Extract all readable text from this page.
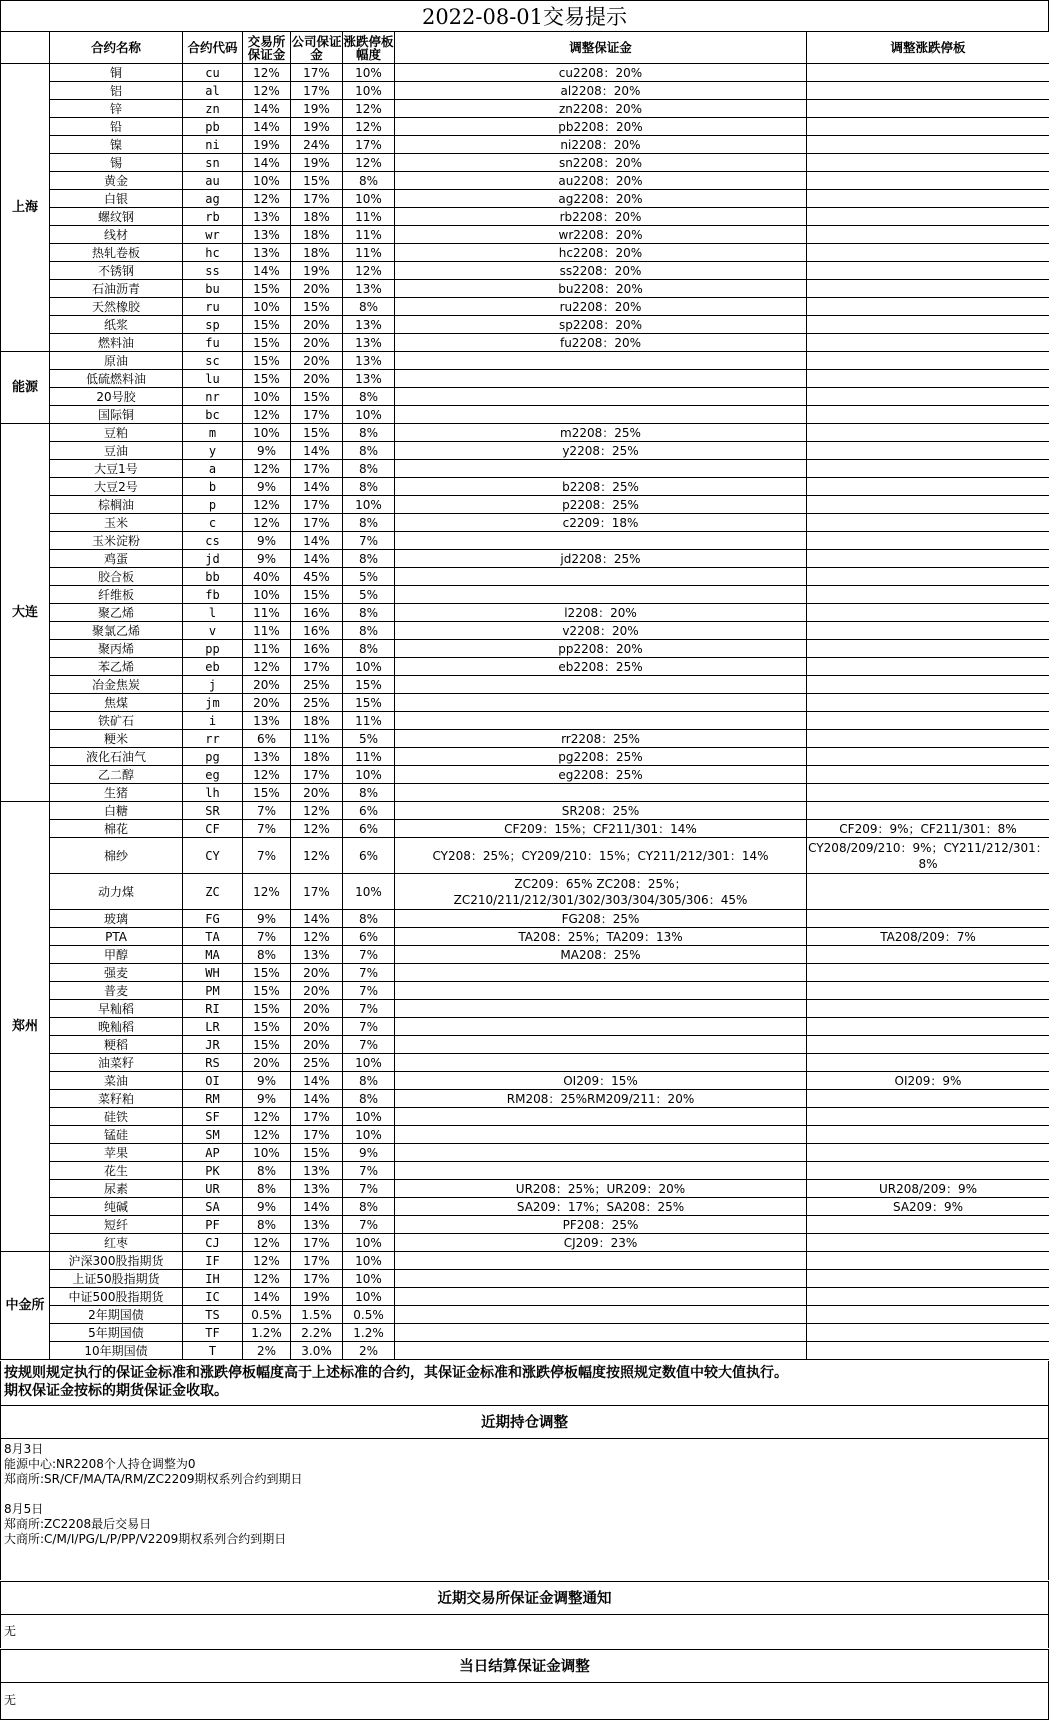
2022-08-01交易提示
	合约名称	合约代码	交易所保证金	公司保证金	涨跌停板幅度	调整保证金	调整涨跌停板
上海	铜	cu	12%	17%	10%	cu2208：20%	
	铝	al	12%	17%	10%	al2208：20%	
	锌	zn	14%	19%	12%	zn2208：20%	
	铅	pb	14%	19%	12%	pb2208：20%	
	镍	ni	19%	24%	17%	ni2208：20%	
	锡	sn	14%	19%	12%	sn2208：20%	
	黄金	au	10%	15%	8%	au2208：20%	
	白银	ag	12%	17%	10%	ag2208：20%	
	螺纹钢	rb	13%	18%	11%	rb2208：20%	
	线材	wr	13%	18%	11%	wr2208：20%	
	热轧卷板	hc	13%	18%	11%	hc2208：20%	
	不锈钢	ss	14%	19%	12%	ss2208：20%	
	石油沥青	bu	15%	20%	13%	bu2208：20%	
	天然橡胶	ru	10%	15%	8%	ru2208：20%	
	纸浆	sp	15%	20%	13%	sp2208：20%	
	燃料油	fu	15%	20%	13%	fu2208：20%	
能源	原油	sc	15%	20%	13%		
	低硫燃料油	lu	15%	20%	13%		
	20号胶	nr	10%	15%	8%		
	国际铜	bc	12%	17%	10%		
大连	豆粕	m	10%	15%	8%	m2208：25%	
	豆油	y	9%	14%	8%	y2208：25%	
	大豆1号	a	12%	17%	8%		
	大豆2号	b	9%	14%	8%	b2208：25%	
	棕榈油	p	12%	17%	10%	p2208：25%	
	玉米	c	12%	17%	8%	c2209：18%	
	玉米淀粉	cs	9%	14%	7%		
	鸡蛋	jd	9%	14%	8%	jd2208：25%	
	胶合板	bb	40%	45%	5%		
	纤维板	fb	10%	15%	5%		
	聚乙烯	l	11%	16%	8%	l2208：20%	
	聚氯乙烯	v	11%	16%	8%	v2208：20%	
	聚丙烯	pp	11%	16%	8%	pp2208：20%	
	苯乙烯	eb	12%	17%	10%	eb2208：25%	
	冶金焦炭	j	20%	25%	15%		
	焦煤	jm	20%	25%	15%		
	铁矿石	i	13%	18%	11%		
	粳米	rr	6%	11%	5%	rr2208：25%	
	液化石油气	pg	13%	18%	11%	pg2208：25%	
	乙二醇	eg	12%	17%	10%	eg2208：25%	
	生猪	lh	15%	20%	8%		
郑州	白糖	SR	7%	12%	6%	SR208：25%	
	棉花	CF	7%	12%	6%	CF209：15%；CF211/301：14%	CF209：9%；CF211/301：8%
	棉纱	CY	7%	12%	6%	CY208：25%；CY209/210：15%；CY211/212/301：14%	CY208/209/210：9%；CY211/212/301：8%
	动力煤	ZC	12%	17%	10%	ZC209：65% ZC208：25%；ZC210/211/212/301/302/303/304/305/306：45%	
	玻璃	FG	9%	14%	8%	FG208：25%	
	PTA	TA	7%	12%	6%	TA208：25%；TA209：13%	TA208/209：7%
	甲醇	MA	8%	13%	7%	MA208：25%	
	强麦	WH	15%	20%	7%		
	普麦	PM	15%	20%	7%		
	早籼稻	RI	15%	20%	7%		
	晚籼稻	LR	15%	20%	7%		
	粳稻	JR	15%	20%	7%		
	油菜籽	RS	20%	25%	10%		
	菜油	OI	9%	14%	8%	OI209：15%	OI209：9%
	菜籽粕	RM	9%	14%	8%	RM208：25%RM209/211：20%	
	硅铁	SF	12%	17%	10%		
	锰硅	SM	12%	17%	10%		
	苹果	AP	10%	15%	9%		
	花生	PK	8%	13%	7%		
	尿素	UR	8%	13%	7%	UR208：25%；UR209：20%	UR208/209：9%
	纯碱	SA	9%	14%	8%	SA209：17%；SA208：25%	SA209：9%
	短纤	PF	8%	13%	7%	PF208：25%	
	红枣	CJ	12%	17%	10%	CJ209：23%	
中金所	沪深300股指期货	IF	12%	17%	10%		
	上证50股指期货	IH	12%	17%	10%		
	中证500股指期货	IC	14%	19%	10%		
	2年期国债	TS	0.5%	1.5%	0.5%		
	5年期国债	TF	1.2%	2.2%	1.2%		
	10年期国债	T	2%	3.0%	2%		
按规则规定执行的保证金标准和涨跌停板幅度高于上述标准的合约，其保证金标准和涨跌停板幅度按照规定数值中较大值执行。
期权保证金按标的期货保证金收取。
近期持仓调整
8月3日
能源中心:NR2208个人持仓调整为0
郑商所:SR/CF/MA/TA/RM/ZC2209期权系列合约到期日
8月5日
郑商所:ZC2208最后交易日
大商所:C/M/I/PG/L/P/PP/V2209期权系列合约到期日
近期交易所保证金调整通知
无
当日结算保证金调整
无
